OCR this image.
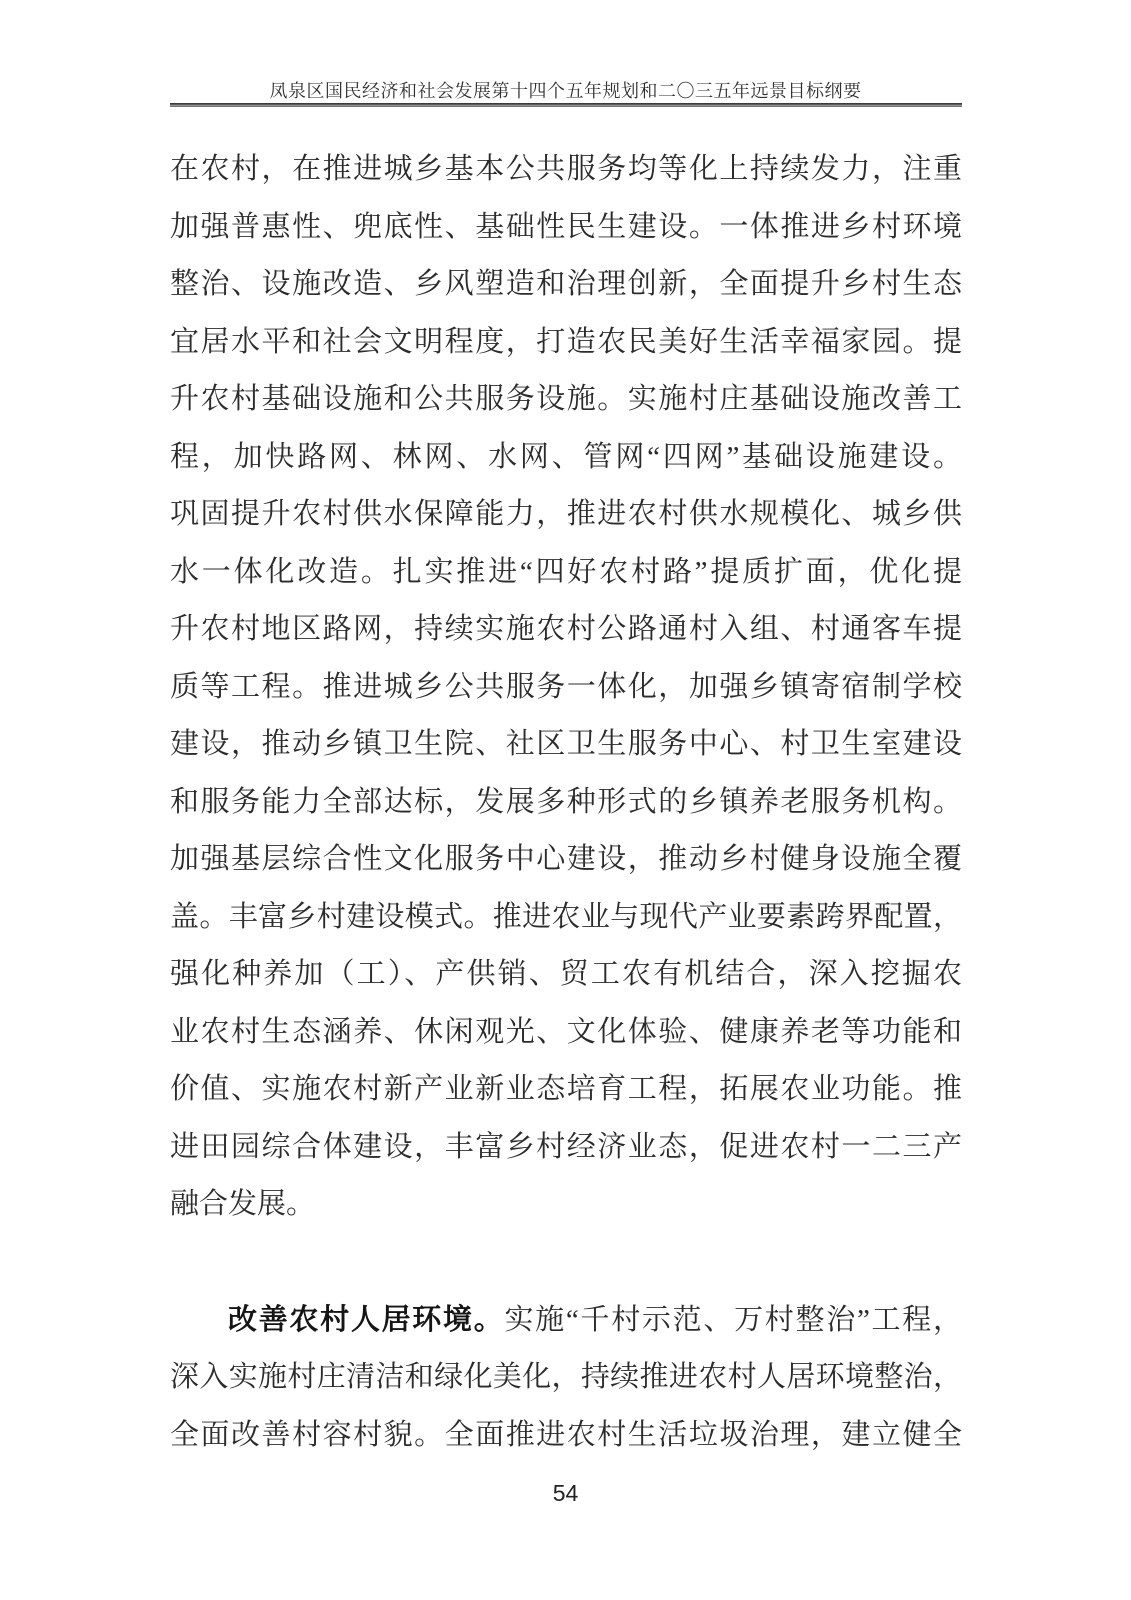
凤泉区国民经济和社会发展第十四个五年规划和二〇三五年远景目标纲要
在农村，在推进城乡基本公共服务均等化上持续发力，注重
加强普惠性、兜底性、基础性民生建设。一体推进乡村环境
整治、设施改造、乡风塑造和治理创新，全面提升乡村生态
宜居水平和社会文明程度，打造农民美好生活幸福家园。提
升农村基础设施和公共服务设施。实施村庄基础设施改善工
程，加快路网、林网、水网、管网“四网”基础设施建设。
巩固提升农村供水保障能力，推进农村供水规模化、城乡供
水一体化改造。扎实推进“四好农村路”提质扩面，优化提
升农村地区路网，持续实施农村公路通村入组、村通客车提
质等工程。推进城乡公共服务一体化，加强乡镇寄宿制学校
建设，推动乡镇卫生院、社区卫生服务中心、村卫生室建设
和服务能力全部达标，发展多种形式的乡镇养老服务机构。
加强基层综合性文化服务中心建设，推动乡村健身设施全覆
盖。丰富乡村建设模式。推进农业与现代产业要素跨界配置，
强化种养加（工）、产供销、贸工农有机结合，深入挖掘农
业农村生态涵养、休闲观光、文化体验、健康养老等功能和
价值、实施农村新产业新业态培育工程，拓展农业功能。推
进田园综合体建设，丰富乡村经济业态，促进农村一二三产
融合发展。
改善农村人居环境。实施“千村示范、万村整治”工程，
深入实施村庄清洁和绿化美化，持续推进农村人居环境整治，
全面改善村容村貌。全面推进农村生活垃圾治理，建立健全
54
